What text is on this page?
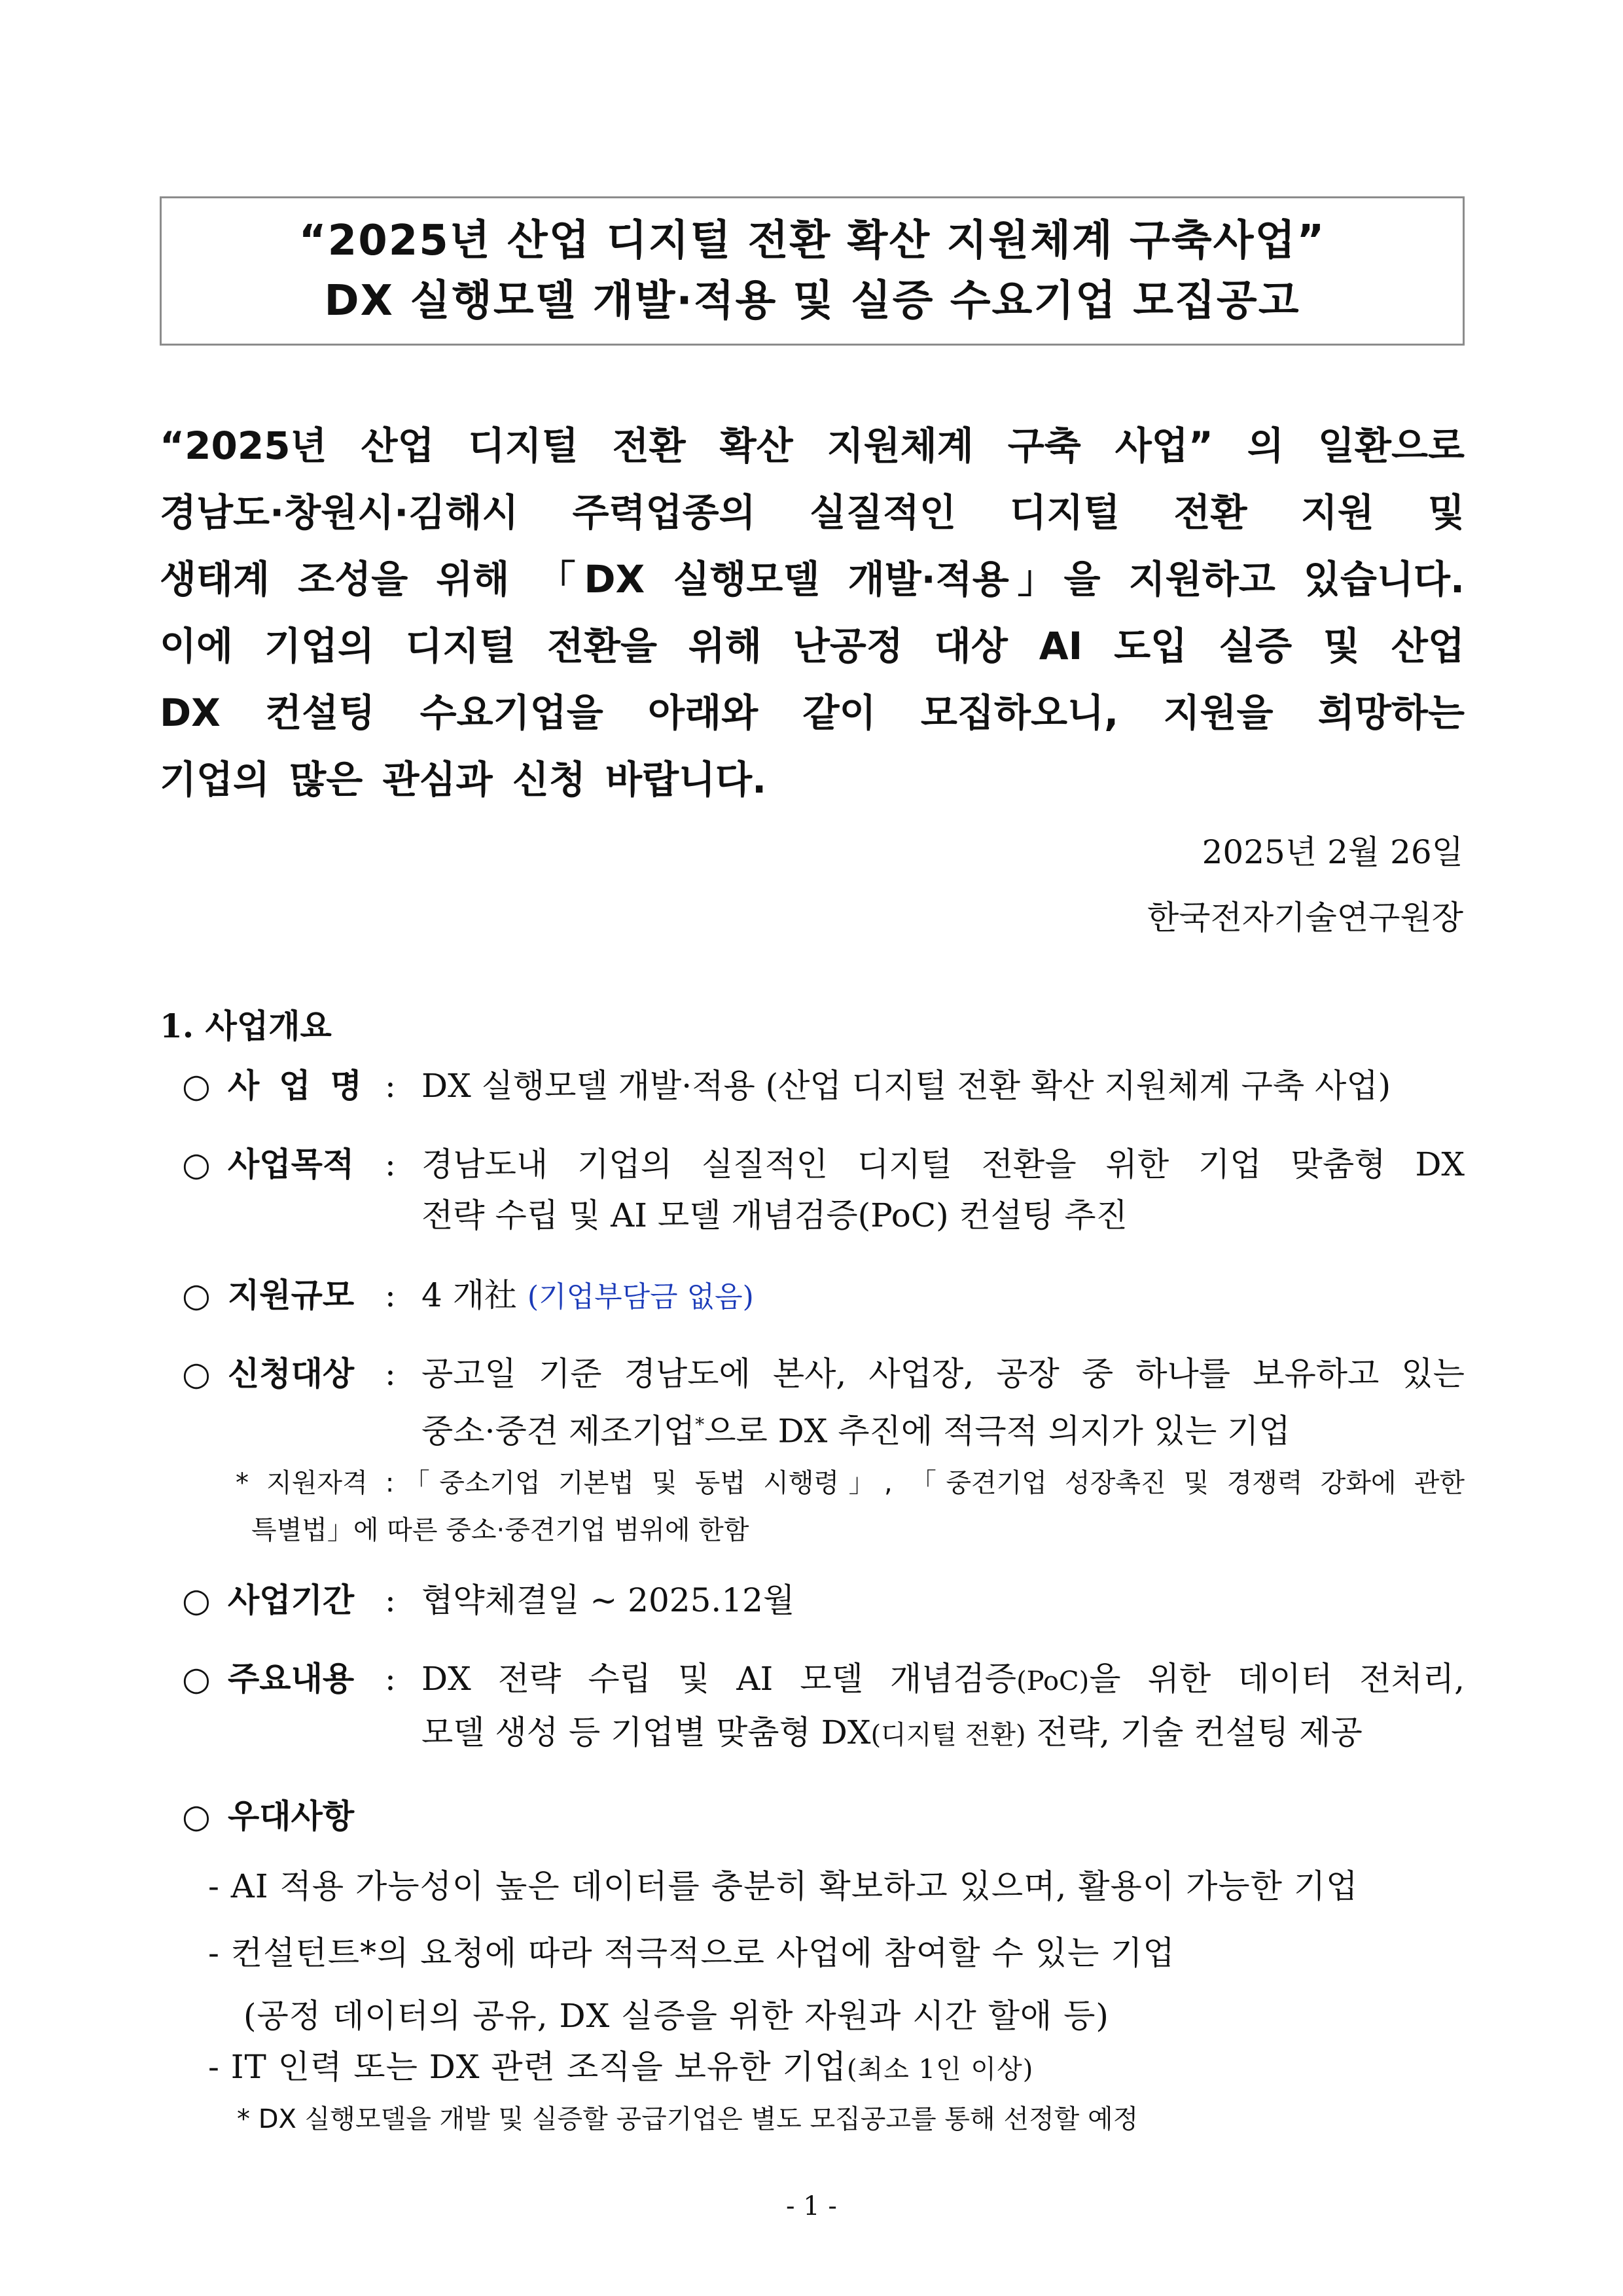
“2025년 산업 디지털 전환 확산 지원체계 구축사업”
DX 실행모델 개발·적용 및 실증 수요기업 모집공고
“2025년 산업 디지털 전환 확산 지원체계 구축 사업” 의 일환으로
경남도·창원시·김해시 주력업종의 실질적인 디지털 전환 지원 및
생태계 조성을 위해 「DX 실행모델 개발·적용」을 지원하고 있습니다.
이에 기업의 디지털 전환을 위해 난공정 대상 AI 도입 실증 및 산업
DX 컨설팅 수요기업을 아래와 같이 모집하오니, 지원을 희망하는
기업의 많은 관심과 신청 바랍니다.
2025년 2월 26일
한국전자기술연구원장
1. 사업개요
○ 사업명 : DX 실행모델 개발·적용 (산업 디지털 전환 확산 지원체계 구축 사업)
○ 사업목적 : 경남도내 기업의 실질적인 디지털 전환을 위한 기업 맞춤형 DX
전략 수립 및 AI 모델 개념검증(PoC) 컨설팅 추진
○ 지원규모 : 4 개社 (기업부담금 없음)
○ 신청대상 : 공고일 기준 경남도에 본사, 사업장, 공장 중 하나를 보유하고 있는
중소·중견 제조기업*으로 DX 추진에 적극적 의지가 있는 기업
* 지원자격 :「중소기업 기본법 및 동법 시행령」, 「중견기업 성장촉진 및 경쟁력 강화에 관한
특별법」에 따른 중소·중견기업 범위에 한함
○ 사업기간 : 협약체결일 ~ 2025.12월
○ 주요내용 : DX 전략 수립 및 AI 모델 개념검증(PoC)을 위한 데이터 전처리,
모델 생성 등 기업별 맞춤형 DX(디지털 전환) 전략, 기술 컨설팅 제공
○ 우대사항
- AI 적용 가능성이 높은 데이터를 충분히 확보하고 있으며, 활용이 가능한 기업
- 컨설턴트*의 요청에 따라 적극적으로 사업에 참여할 수 있는 기업
(공정 데이터의 공유, DX 실증을 위한 자원과 시간 할애 등)
- IT 인력 또는 DX 관련 조직을 보유한 기업(최소 1인 이상)
* DX 실행모델을 개발 및 실증할 공급기업은 별도 모집공고를 통해 선정할 예정
- 1 -
